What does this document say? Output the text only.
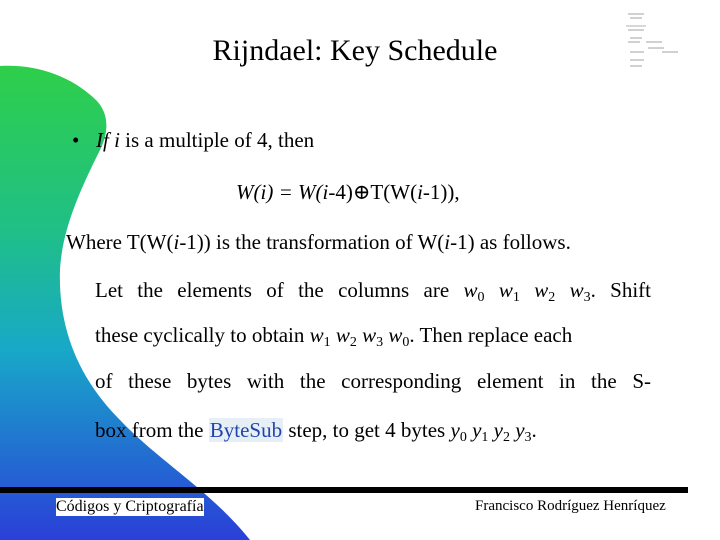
Rijndael: Key Schedule
• If i is a multiple of 4, then
W(i) = W(i-4)⊕T(W(i-1)),
Where T(W(i-1)) is the transformation of W(i-1) as follows.
Let the elements of the columns are $w_0$ $w_1$ $w_2$ $w_3$. Shift
these cyclically to obtain $w_1$ $w_2$ $w_3$ $w_0$. Then replace each
of these bytes with the corresponding element in the S-
box from the ByteSub step, to get 4 bytes $y_0$ $y_1$ $y_2$ $y_3$.
Códigos y Criptografía	Francisco Rodríguez Henríquez
